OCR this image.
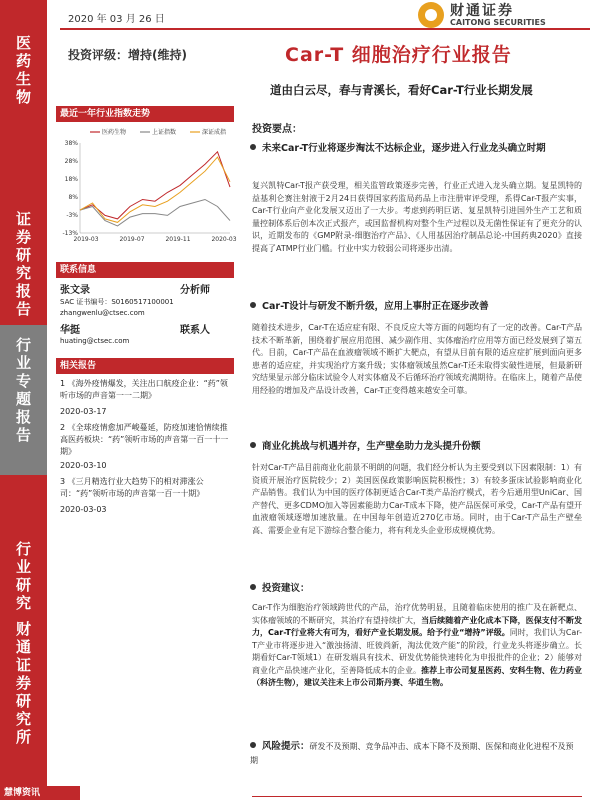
医
药
生
物
证
券
研
究
报
告
行
业
专
题
报
告
行
业
研
究
财
通
证
券
研
究
所
慧博资讯
2020 年 03 月 26 日
财通证券
CAITONG SECURITIES
投资评级：增持(维持)	Car-T 细胞治疗行业报告
道由白云尽，春与青溪长，看好Car-T行业长期发展
最近一年行业指数走势
38%
28%
18%
8%
-3%
-13%
2019-03	2019-07	2019-11	2020-03
医药生物	上证指数	深证成指
联系信息
张文录	分析师
SAC 证书编号：S0160517100001
zhangwenlu@ctsec.com
华挺	联系人
huating@ctsec.com
相关报告
1 《海外疫情爆发，关注出口航疫企业：“药”领听市场的声音第一一二期》
2020-03-17
2 《全球疫情愈加严峻蔓延，防疫加速恰情续推高医药板块：“药”领听市场的声音第一百一十一期》
2020-03-10
3 《三月精选行业大趋势下的相对滞涨公司：“药”领听市场的声音第一百一十期》
2020-03-03
投资要点：
未来Car-T行业将逐步淘汰不达标企业，逐步进入行业龙头确立时期
复兴凯特Car-T报产获受理，相关监管政策逐步完善，行业正式进入龙头确立期。复星凯特的益基利仑赛注射液于2月24日获得国家药监局药品上市注册审评受理，系得Car-T报产实事，Car-T行业向产业化发展又迈出了一大步。考虑到药明巨诺、复星凯特引进国外生产工艺和质量控制体系后创本次正式报产，或国监督机构对整个生产过程以及无菌性保证有了更充分的认识，近期发布的《GMP附录-细胞治疗产品》、《人用基因治疗制品总论-中国药典2020》直接提高了ATMP行业门槛。行业中实力较弱公司将逐步出清。
Car-T设计与研发不断升级，应用上事肘正在逐步改善
随着技术进步，Car-T在适应症有限、不良反应大等方面的问题均有了一定的改善。Car-T产品技术不断革新，围绕着扩展应用范围、减少副作用、实体瘤治疗应用等方面已经发展到了第五代。目前，Car-T产品在血液瘤领域不断扩大靶点，有望从目前有限的适应症扩展到面向更多患者的适应症，并实现治疗方案升级；实体瘤领域虽然Car-T还未取得实破性进展，但最新研究结果显示部分临床试验令人对实体瘤及不后循环治疗领域充满期待。在临床上，随着产品使用经验的增加及产品设计改善，Car-T正变得越来越安全可靠。
商业化挑战与机遇并存，生产壁垒助力龙头提升份额
针对Car-T产品目前商业化前景不明朗的问题，我们经分析认为主要受到以下因素限制：1）有资质开展治疗医院较少；2）美国医保政策影响医院积极性；3）有较多蛋床试验影响商业化产品销售。我们认为中国的医疗体制更适合Car-T类产品治疗模式，若今后通用型UniCar、国产替代、更多CDMO加入等因素能助力Car-T成本下降，使产品医保可承受，Car-T产品有望开血液瘤领域逐增加速放量。在中国每年创造近270亿市场。同时，由于Car-T产品生产壁垒高、需要企业有足下游综合整合能力，将有利龙头企业形成规模优势。
投资建议：
Car-T作为细胞治疗领域跨世代的产品，治疗优势明显，且随着临床使用的推广及在新靶点、实体瘤领域的不断研究，其治疗有望持续扩大，当后续随着产业化成本下降，医保支付不断发力，Car-T行业将大有可为，看好产业长期发展。给予行业“增持”评级。同时，我们认为Car-T产业市将逐步进入“激浊扬清、旺彼尚新，淘汰优效产能”的阶段，行业龙头将逐步确立。长期看好Car-T领域1）在研发端具有技术、研发优势能快速转化为申报批件的企业；2）能够对商业化产品快速产业化，至善降低成本的企业。推荐上市公司复星医药、安科生物、佐力药业（科济生物），建议关注未上市公司斯丹赛、华道生物。
风险提示：研发不及预期、竞争品冲击、成本下降不及预期、医保和商业化进程不及预期
